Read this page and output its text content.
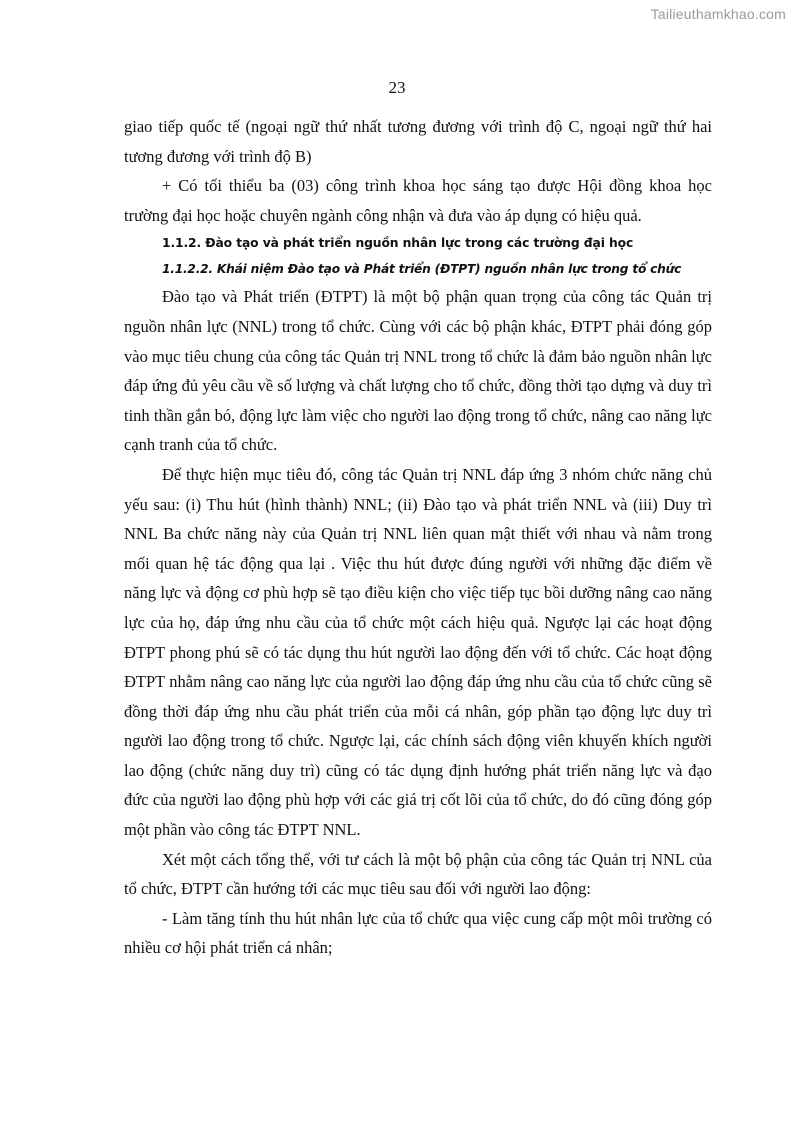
Tailieuthamkhao.com
23

giao tiếp quốc tế (ngoại ngữ thứ nhất tương đương với trình độ C, ngoại ngữ thứ hai tương đương với trình độ B)

+ Có tối thiểu ba (03) công trình khoa học sáng tạo được Hội đồng khoa học trường đại học hoặc chuyên ngành công nhận và đưa vào áp dụng có hiệu quả.

1.1.2. Đào tạo và phát triển nguồn nhân lực trong các trường đại học
1.1.2.2. Khái niệm Đào tạo và Phát triển (ĐTPT) nguồn nhân lực trong tổ chức

Đào tạo và Phát triển (ĐTPT) là một bộ phận quan trọng của công tác Quản trị nguồn nhân lực (NNL) trong tổ chức. Cùng với các bộ phận khác, ĐTPT phải đóng góp vào mục tiêu chung của công tác Quản trị NNL trong tổ chức là đảm bảo nguồn nhân lực đáp ứng đủ yêu cầu về số lượng và chất lượng cho tổ chức, đồng thời tạo dựng và duy trì tinh thần gắn bó, động lực làm việc cho người lao động trong tổ chức, nâng cao năng lực cạnh tranh của tổ chức.

Để thực hiện mục tiêu đó, công tác Quản trị NNL đáp ứng 3 nhóm chức năng chủ yếu sau: (i) Thu hút (hình thành) NNL; (ii) Đào tạo và phát triển NNL và (iii) Duy trì NNL Ba chức năng này của Quản trị NNL liên quan mật thiết với nhau và nằm trong mối quan hệ tác động qua lại . Việc thu hút được đúng người với những đặc điểm về năng lực và động cơ phù hợp sẽ tạo điều kiện cho việc tiếp tục bồi dưỡng nâng cao năng lực của họ, đáp ứng nhu cầu của tổ chức một cách hiệu quả. Ngược lại các hoạt động ĐTPT phong phú sẽ có tác dụng thu hút người lao động đến với tổ chức. Các hoạt động ĐTPT nhằm nâng cao năng lực của người lao động đáp ứng nhu cầu của tổ chức cũng sẽ đồng thời đáp ứng nhu cầu phát triển của mỗi cá nhân, góp phần tạo động lực duy trì người lao động trong tổ chức. Ngược lại, các chính sách động viên khuyến khích người lao động (chức năng duy trì) cũng có tác dụng định hướng phát triển năng lực và đạo đức của người lao động phù hợp với các giá trị cốt lõi của tổ chức, do đó cũng đóng góp một phần vào công tác ĐTPT NNL.

Xét một cách tổng thể, với tư cách là một bộ phận của công tác Quản trị NNL của tổ chức, ĐTPT cần hướng tới các mục tiêu sau đối với người lao động:

- Làm tăng tính thu hút nhân lực của tổ chức qua việc cung cấp một môi trường có nhiều cơ hội phát triển cá nhân;
